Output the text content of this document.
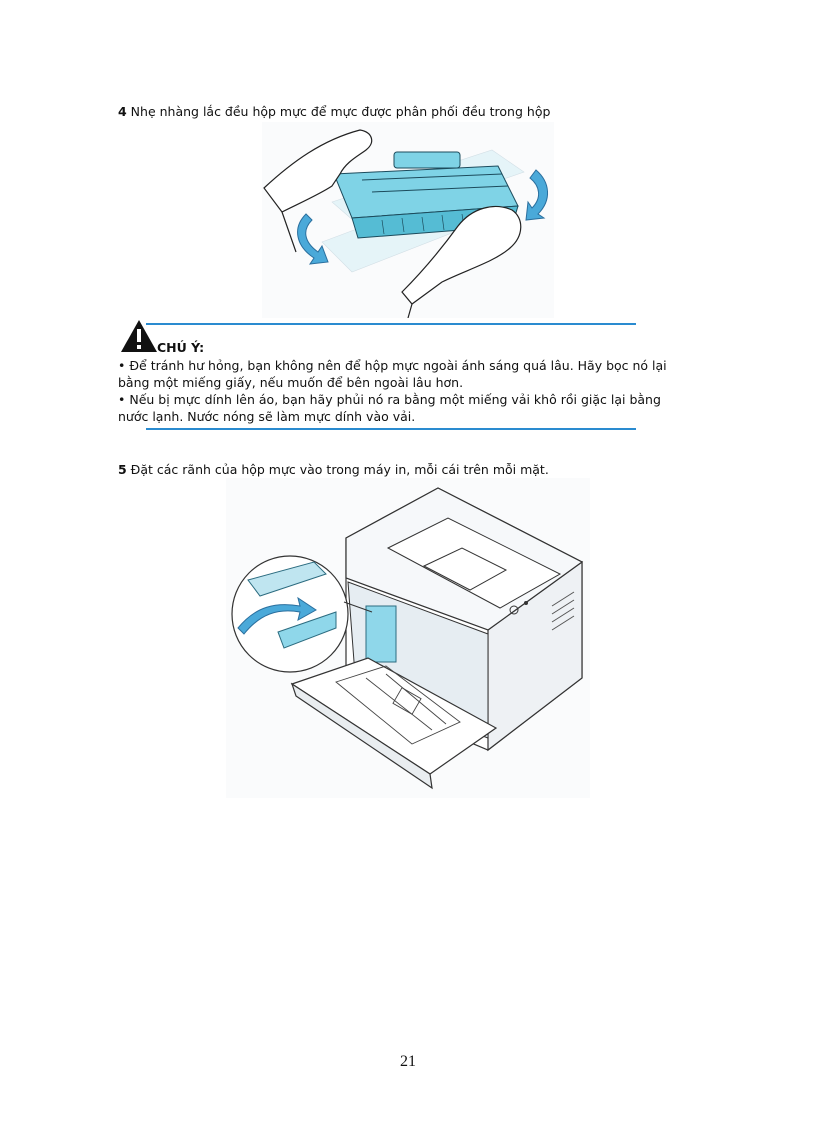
4 Nhẹ nhàng lắc đều hộp mực để mực được phân phối đều trong hộp
CHÚ Ý:
• Để tránh hư hỏng, bạn không nên để hộp mực ngoài ánh sáng quá lâu. Hãy bọc nó lại bằng một miếng giấy, nếu muốn để bên ngoài lâu hơn.
• Nếu bị mực dính lên áo, bạn hãy phủi nó ra bằng một miếng vải khô rồi giặc lại bằng nước lạnh. Nước nóng sẽ làm mực dính vào vải.
5 Đặt các rãnh của hộp mực vào trong máy in, mỗi cái trên mỗi mặt.
21
